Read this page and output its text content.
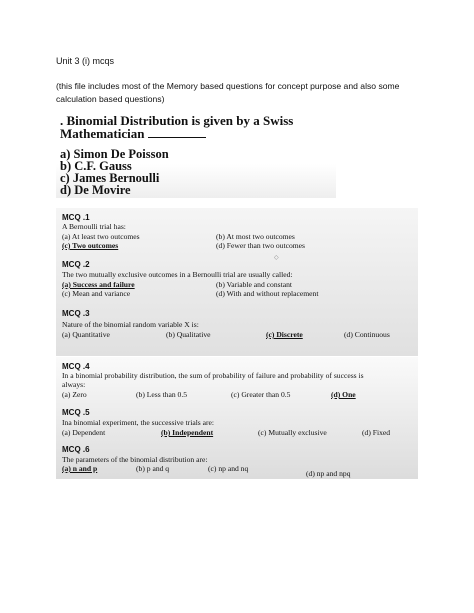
Unit 3 (i) mcqs
(this file includes most of the Memory based questions for concept purpose and also some calculation based questions)
. Binomial Distribution is given by a Swiss
Mathematician
a) Simon De Poisson
b) C.F. Gauss
c) James Bernoulli
d) De Movire
MCQ .1
A Bernoulli trial has:
(a) At least two outcomes	(b) At most two outcomes
(c) Two outcomes	(d) Fewer than two outcomes
◇
MCQ .2
The two mutually exclusive outcomes in a Bernoulli trial are usually called:
(a) Success and failure	(b) Variable and constant
(c) Mean and variance	(d) With and without replacement
MCQ .3
Nature of the binomial random variable X is:
(a) Quantitative	(b) Qualitative	(c) Discrete	(d) Continuous
MCQ .4
In a binomial probability distribution, the sum of probability of failure and probability of success is
always:
(a) Zero	(b) Less than 0.5	(c) Greater than 0.5	(d) One
MCQ .5
Ina binomial experiment, the successive trials are:
(a) Dependent	(b) Independent	(c) Mutually exclusive	(d) Fixed
MCQ .6
The parameters of the binomial distribution are:
(a) n and p	(b) p and q	(c) np and nq
(d) np and npq
